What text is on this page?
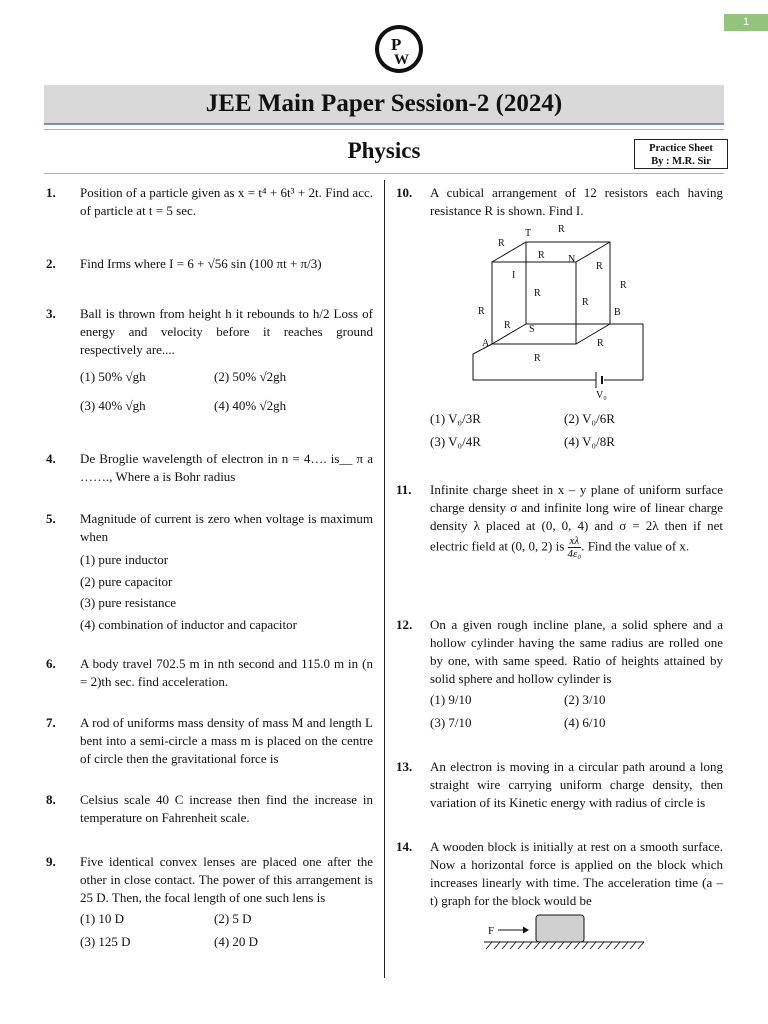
1
P
W
JEE Main Paper Session-2 (2024)
Physics	Practice Sheet
By : M.R. Sir
1. Position of a particle given as x = t⁴ + 6t³ + 2t. Find acc. of particle at t = 5 sec.
2. Find Irms where I = 6 + √56 sin (100 πt + π/3)
3. Ball is thrown from height h it rebounds to h/2 Loss of energy and velocity before it reaches ground respectively are....
(1) 50% √gh	(2) 50% √2gh
(3) 40% √gh	(4) 40% √2gh
4. De Broglie wavelength of electron in n = 4…. is__ π a ……., Where a is Bohr radius
5. Magnitude of current is zero when voltage is maximum when
(1) pure inductor
(2) pure capacitor
(3) pure resistance
(4) combination of inductor and capacitor
6. A body travel 702.5 m in nth second and 115.0 m in (n = 2)th sec. find acceleration.
7. A rod of uniforms mass density of mass M and length L bent into a semi-circle a mass m is placed on the centre of circle then the gravitational force is
8. Celsius scale 40 C increase then find the increase in temperature on Fahrenheit scale.
9. Five identical convex lenses are placed one after the other in close contact. The power of this arrangement is 25 D. Then, the focal length of one such lens is
(1) 10 D	(2) 5 D
(3) 125 D	(4) 20 D
10. A cubical arrangement of 12 resistors each having resistance R is shown. Find I.
R
T	R
R N
R
I
R
R
R
R
R S
B
A	R
R
V₀
(1) V₀/3R	(2) V₀/6R
(3) V₀/4R	(4) V₀/8R
11. Infinite charge sheet in x – y plane of uniform surface charge density σ and infinite long wire of linear charge density λ placed at (0, 0, 4) and σ = 2λ then if net electric field at (0, 0, 2) is $\frac{x\lambda}{\text{4ε₀}}$ . Find the value of x.
12. On a given rough incline plane, a solid sphere and a hollow cylinder having the same radius are rolled one by one, with same speed. Ratio of heights attained by solid sphere and hollow cylinder is
(1) 9/10	(2) 3/10
(3) 7/10	(4) 6/10
13. An electron is moving in a circular path around a long straight wire carrying uniform charge density, then variation of its Kinetic energy with radius of circle is
14. A wooden block is initially at rest on a smooth surface. Now a horizontal force is applied on the block which increases linearly with time. The acceleration time (a – t) graph for the block would be
F
